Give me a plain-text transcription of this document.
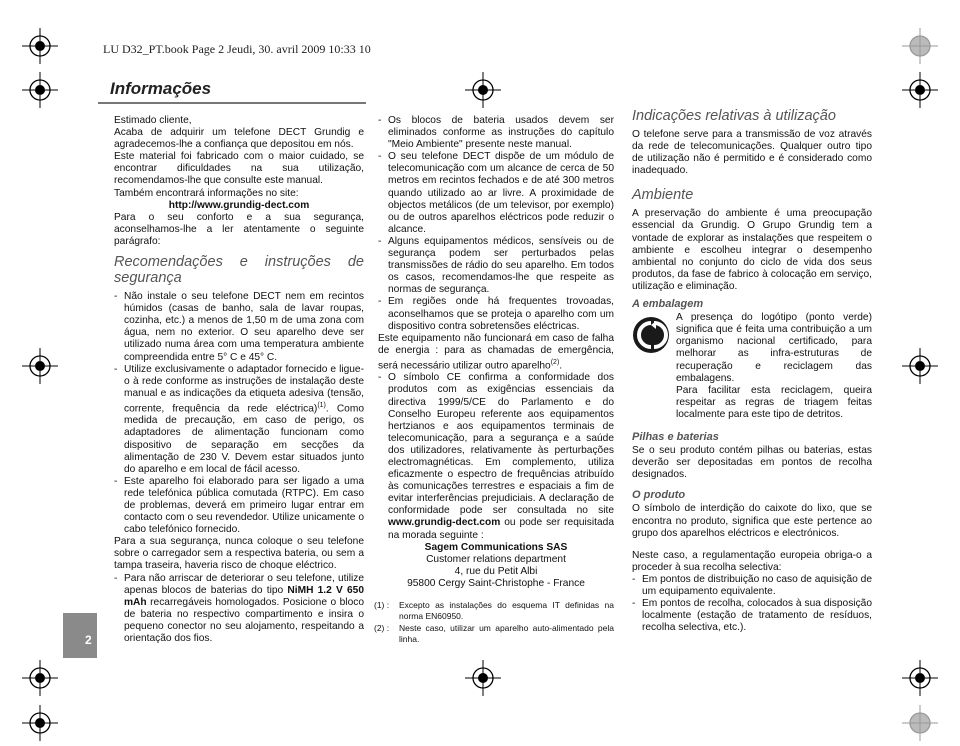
LU D32_PT.book Page 2 Jeudi, 30. avril 2009 10:33 10
Informações
2

Estimado cliente,

Acaba de adquirir um telefone DECT Grundig e agradecemos-lhe a confiança que depositou em nós.

Este material foi fabricado com o maior cuidado, se encontrar dificuldades na sua utilização, recomendamos-lhe que consulte este manual.

Também encontrará informações no site:

http://www.grundig-dect.com

Para o seu conforto e a sua segurança, aconselhamos-lhe a ler atentamente o seguinte parágrafo:

Recomendações e instruções de segurança
- Não instale o seu telefone DECT nem em recintos húmidos (casas de banho, sala de lavar roupas, cozinha, etc.) a menos de 1,50 m de uma zona com água, nem no exterior. O seu aparelho deve ser utilizado numa área com uma temperatura ambiente compreendida entre 5° C e 45° C.
- Utilize exclusivamente o adaptador fornecido e ligue-o à rede conforme as instruções de instalação deste manual e as indicações da etiqueta adesiva (tensão, corrente, frequência da rede eléctrica)$^{(1)}$. Como medida de precaução, em caso de perigo, os adaptadores de alimentação funcionam como dispositivo de separação em secções da alimentação de 230 V. Devem estar situados junto do aparelho e em local de fácil acesso.
- Este aparelho foi elaborado para ser ligado a uma rede telefónica pública comutada (RTPC). Em caso de problemas, deverá em primeiro lugar entrar em contacto com o seu revendedor. Utilize unicamente o cabo telefónico fornecido.

Para a sua segurança, nunca coloque o seu telefone sobre o carregador sem a respectiva bateria, ou sem a tampa traseira, haveria risco de choque eléctrico.

- Para não arriscar de deteriorar o seu telefone, utilize apenas blocos de baterias do tipo NiMH 1.2 V 650 mAh recarregáveis homologados. Posicione o bloco de bateria no respectivo compartimento e insira o pequeno conector no seu alojamento, respeitando a orientação dos fios.
- Os blocos de bateria usados devem ser eliminados conforme as instruções do capítulo "Meio Ambiente" presente neste manual.
- O seu telefone DECT dispõe de um módulo de telecomunicação com um alcance de cerca de 50 metros em recintos fechados e de até 300 metros quando utilizado ao ar livre. A proximidade de objectos metálicos (de um televisor, por exemplo) ou de outros aparelhos eléctricos pode reduzir o alcance.
- Alguns equipamentos médicos, sensíveis ou de segurança podem ser perturbados pelas transmissões de rádio do seu aparelho. Em todos os casos, recomendamos-lhe que respeite as normas de segurança.
- Em regiões onde há frequentes trovoadas, aconselhamos que se proteja o aparelho com um dispositivo contra sobretensões eléctricas.

Este equipamento não funcionará em caso de falha de energia : para as chamadas de emergência, será necessário utilizar outro aparelho$^{(2)}$.

- O símbolo CE confirma a conformidade dos produtos com as exigências essenciais da directiva 1999/5/CE do Parlamento e do Conselho Europeu referente aos equipamentos hertzianos e aos equipamentos terminais de telecomunicação, para a segurança e a saúde dos utilizadores, relativamente às perturbações electromagnéticas. Em complemento, utiliza eficazmente o espectro de frequências atribuído às comunicações terrestres e espaciais a fim de evitar interferências prejudiciais. A declaração de conformidade pode ser consultada no site www.grundig-dect.com ou pode ser requisitada na morada seguinte :

Sagem Communications SAS

Customer relations department

4, rue du Petit Albi

95800 Cergy Saint-Christophe - France

(1) :	Excepto as instalações do esquema IT definidas na norma EN60950.
(2) :	Neste caso, utilizar um aparelho auto-alimentado pela linha.
Indicações relativas à utilização

O telefone serve para a transmissão de voz através da rede de telecomunicações. Qualquer outro tipo de utilização não é permitido e é considerado como inadequado.

Ambiente

A preservação do ambiente é uma preocupação essencial da Grundig. O Grupo Grundig tem a vontade de explorar as instalações que respeitem o ambiente e escolheu integrar o desempenho ambiental no conjunto do ciclo de vida dos seus produtos, da fase de fabrico à colocação em serviço, utilização e eliminação.

A embalagem

A presença do logótipo (ponto verde) significa que é feita uma contribuição a um organismo nacional certificado, para melhorar as infra-estruturas de recuperação e reciclagem das embalagens.

Para facilitar esta reciclagem, queira respeitar as regras de triagem feitas localmente para este tipo de detritos.

Pilhas e baterias

Se o seu produto contém pilhas ou baterias, estas deverão ser depositadas em pontos de recolha designados.

O produto

O símbolo de interdição do caixote do lixo, que se encontra no produto, significa que este pertence ao grupo dos aparelhos eléctricos e electrónicos.

Neste caso, a regulamentação europeia obriga-o a proceder à sua recolha selectiva:

- Em pontos de distribuição no caso de aquisição de um equipamento equivalente.
- Em pontos de recolha, colocados à sua disposição localmente (estação de tratamento de resíduos, recolha selectiva, etc.).
